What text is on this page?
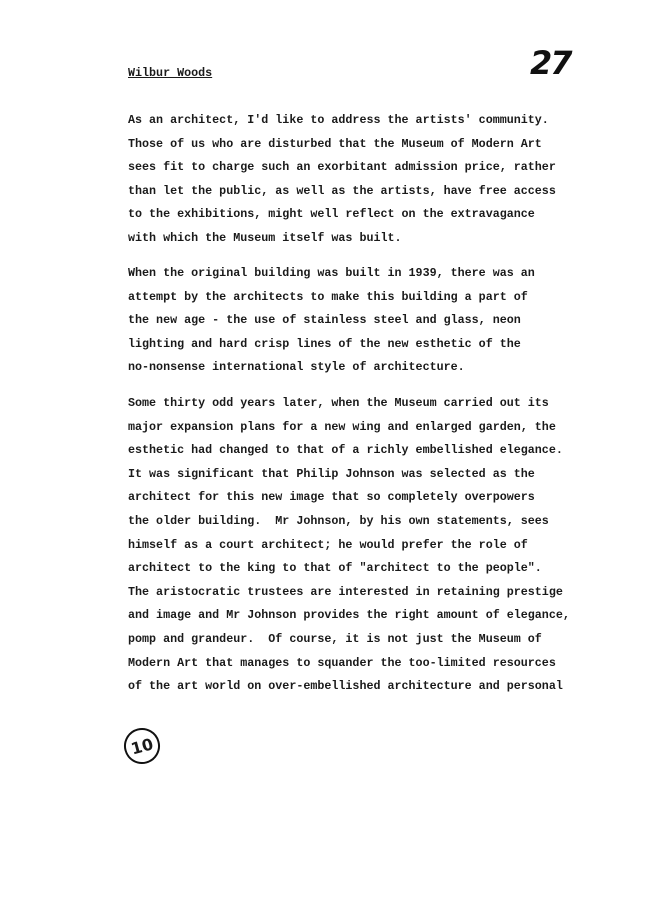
Wilbur Woods	27
As an architect, I'd like to address the artists' community.
Those of us who are disturbed that the Museum of Modern Art
sees fit to charge such an exorbitant admission price, rather
than let the public, as well as the artists, have free access
to the exhibitions, might well reflect on the extravagance
with which the Museum itself was built.
When the original building was built in 1939, there was an
attempt by the architects to make this building a part of
the new age - the use of stainless steel and glass, neon
lighting and hard crisp lines of the new esthetic of the
no-nonsense international style of architecture.
Some thirty odd years later, when the Museum carried out its
major expansion plans for a new wing and enlarged garden, the
esthetic had changed to that of a richly embellished elegance.
It was significant that Philip Johnson was selected as the
architect for this new image that so completely overpowers
the older building.  Mr Johnson, by his own statements, sees
himself as a court architect; he would prefer the role of
architect to the king to that of "architect to the people".
The aristocratic trustees are interested in retaining prestige
and image and Mr Johnson provides the right amount of elegance,
pomp and grandeur.  Of course, it is not just the Museum of
Modern Art that manages to squander the too-limited resources
of the art world on over-embellished architecture and personal
10
